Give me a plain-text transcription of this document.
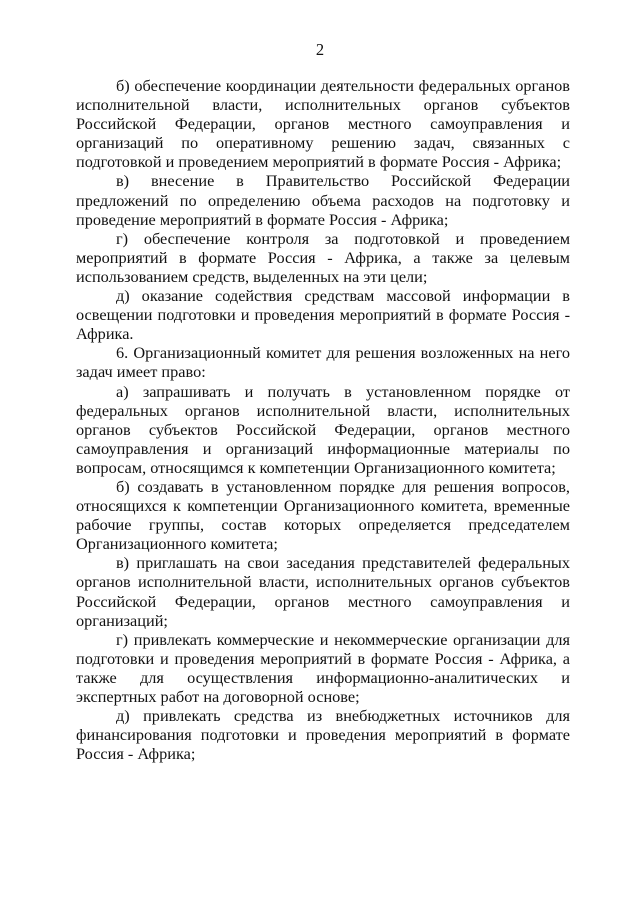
2

б) обеспечение координации деятельности федеральных органов исполнительной власти, исполнительных органов субъектов Российской Федерации, органов местного самоуправления и организаций по оперативному решению задач, связанных с подготовкой и проведением мероприятий в формате Россия - Африка;

в) внесение в Правительство Российской Федерации предложений по определению объема расходов на подготовку и проведение мероприятий в формате Россия - Африка;

г) обеспечение контроля за подготовкой и проведением мероприятий в формате Россия - Африка, а также за целевым использованием средств, выделенных на эти цели;

д) оказание содействия средствам массовой информации в освещении подготовки и проведения мероприятий в формате Россия - Африка.

6. Организационный комитет для решения возложенных на него задач имеет право:

а) запрашивать и получать в установленном порядке от федеральных органов исполнительной власти, исполнительных органов субъектов Российской Федерации, органов местного самоуправления и организаций информационные материалы по вопросам, относящимся к компетенции Организационного комитета;

б) создавать в установленном порядке для решения вопросов, относящихся к компетенции Организационного комитета, временные рабочие группы, состав которых определяется председателем Организационного комитета;

в) приглашать на свои заседания представителей федеральных органов исполнительной власти, исполнительных органов субъектов Российской Федерации, органов местного самоуправления и организаций;

г) привлекать коммерческие и некоммерческие организации для подготовки и проведения мероприятий в формате Россия - Африка, а также для осуществления информационно-аналитических и экспертных работ на договорной основе;

д) привлекать средства из внебюджетных источников для финансирования подготовки и проведения мероприятий в формате Россия - Африка;
